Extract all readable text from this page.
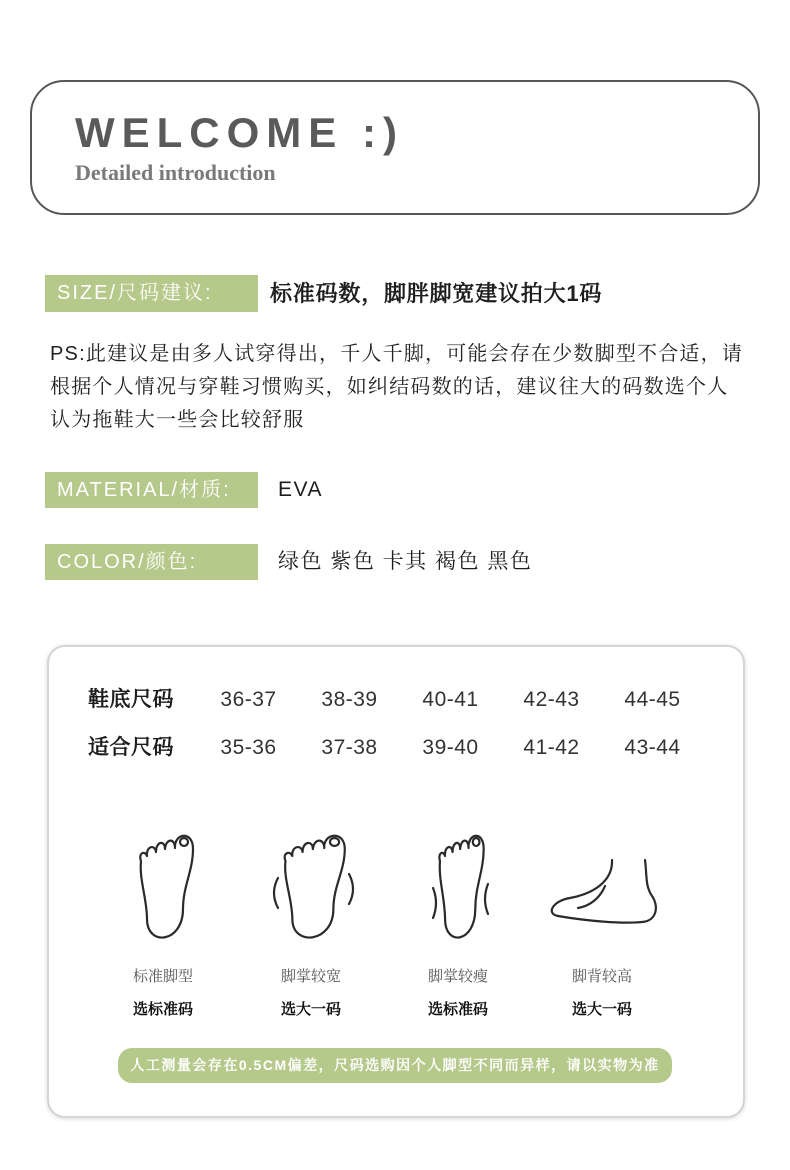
WELCOME :)
Detailed introduction
SIZE/尺码建议:	标准码数，脚胖脚宽建议拍大1码
PS:此建议是由多人试穿得出，千人千脚，可能会存在少数脚型不合适，请
根据个人情况与穿鞋习惯购买，如纠结码数的话，建议往大的码数选个人
认为拖鞋大一些会比较舒服
MATERIAL/材质:	EVA
COLOR/颜色:	绿色 紫色 卡其 褐色 黑色
鞋底尺码	36-37	38-39	40-41	42-43	44-45
适合尺码	35-36	37-38	39-40	41-42	43-44
标准脚型
选标准码
脚掌较宽
选大一码
脚掌较瘦
选标准码
脚背较高
选大一码
人工测量会存在0.5CM偏差，尺码选购因个人脚型不同而异样，请以实物为准
